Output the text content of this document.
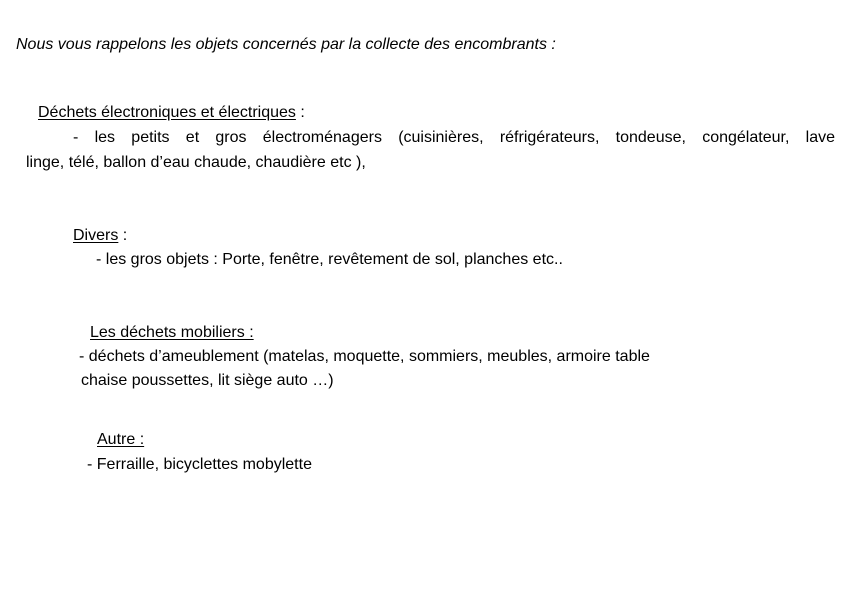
Nous vous rappelons les objets concernés par la collecte des encombrants :
Déchets électroniques et électriques :
- les petits et gros électroménagers (cuisinières, réfrigérateurs, tondeuse, congélateur, lave
linge, télé, ballon d’eau chaude, chaudière etc ),
Divers :
- les gros objets : Porte, fenêtre, revêtement de sol, planches etc..
Les déchets mobiliers :
- déchets d’ameublement (matelas, moquette, sommiers, meubles, armoire table
chaise poussettes, lit siège auto …)
Autre :
- Ferraille, bicyclettes mobylette
